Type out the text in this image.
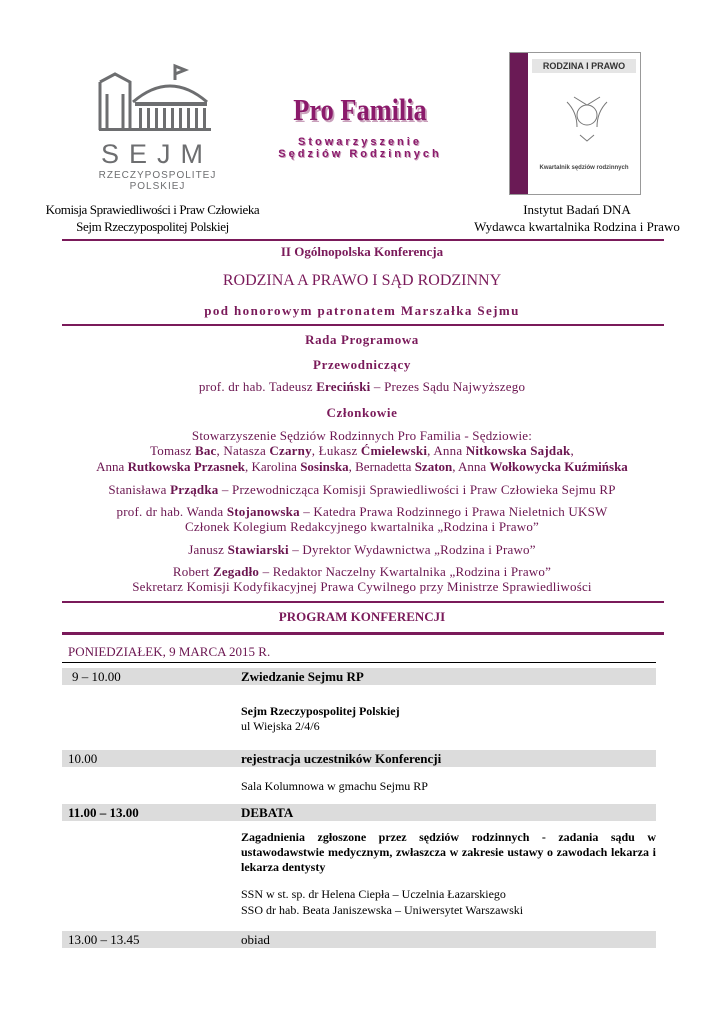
SEJM
RZECZYPOSPOLITEJ
POLSKIEJ
Pro Familia
Stowarzyszenie
Sędziów Rodzinnych
RODZINA I PRAWO
Kwartalnik sędziów rodzinnych
Komisja Sprawiedliwości i Praw Człowieka
Sejm Rzeczypospolitej Polskiej
Instytut Badań DNA
Wydawca kwartalnika Rodzina i Prawo
II Ogólnopolska Konferencja
RODZINA A PRAWO I SĄD RODZINNY
pod honorowym patronatem Marszałka Sejmu
Rada Programowa
Przewodniczący
prof. dr hab. Tadeusz Ereciński – Prezes Sądu Najwyższego
Członkowie
Stowarzyszenie Sędziów Rodzinnych Pro Familia - Sędziowie:
Tomasz Bac, Natasza Czarny, Łukasz Ćmielewski, Anna Nitkowska Sajdak,
Anna Rutkowska Przasnek, Karolina Sosinska, Bernadetta Szaton, Anna Wołkowycka Kuźmińska
Stanisława Prządka – Przewodnicząca Komisji Sprawiedliwości i Praw Człowieka Sejmu RP
prof. dr hab. Wanda Stojanowska – Katedra Prawa Rodzinnego i Prawa Nieletnich UKSW
Członek Kolegium Redakcyjnego kwartalnika „Rodzina i Prawo”
Janusz Stawiarski – Dyrektor Wydawnictwa „Rodzina i Prawo”
Robert Zegadło – Redaktor Naczelny Kwartalnika „Rodzina i Prawo”
Sekretarz Komisji Kodyfikacyjnej Prawa Cywilnego przy Ministrze Sprawiedliwości
PROGRAM KONFERENCJI
PONIEDZIAŁEK, 9 MARCA 2015 R.
9 – 10.00	Zwiedzanie Sejmu RP
Sejm Rzeczypospolitej Polskiej
ul Wiejska 2/4/6
10.00	rejestracja uczestników Konferencji
Sala Kolumnowa w gmachu Sejmu RP
11.00 – 13.00	DEBATA
Zagadnienia zgłoszone przez sędziów rodzinnych - zadania sądu w ustawodawstwie medycznym, zwłaszcza w zakresie ustawy o zawodach lekarza i lekarza dentysty
SSN w st. sp. dr Helena Ciepła – Uczelnia Łazarskiego
SSO dr hab. Beata Janiszewska – Uniwersytet Warszawski
13.00 – 13.45	obiad
